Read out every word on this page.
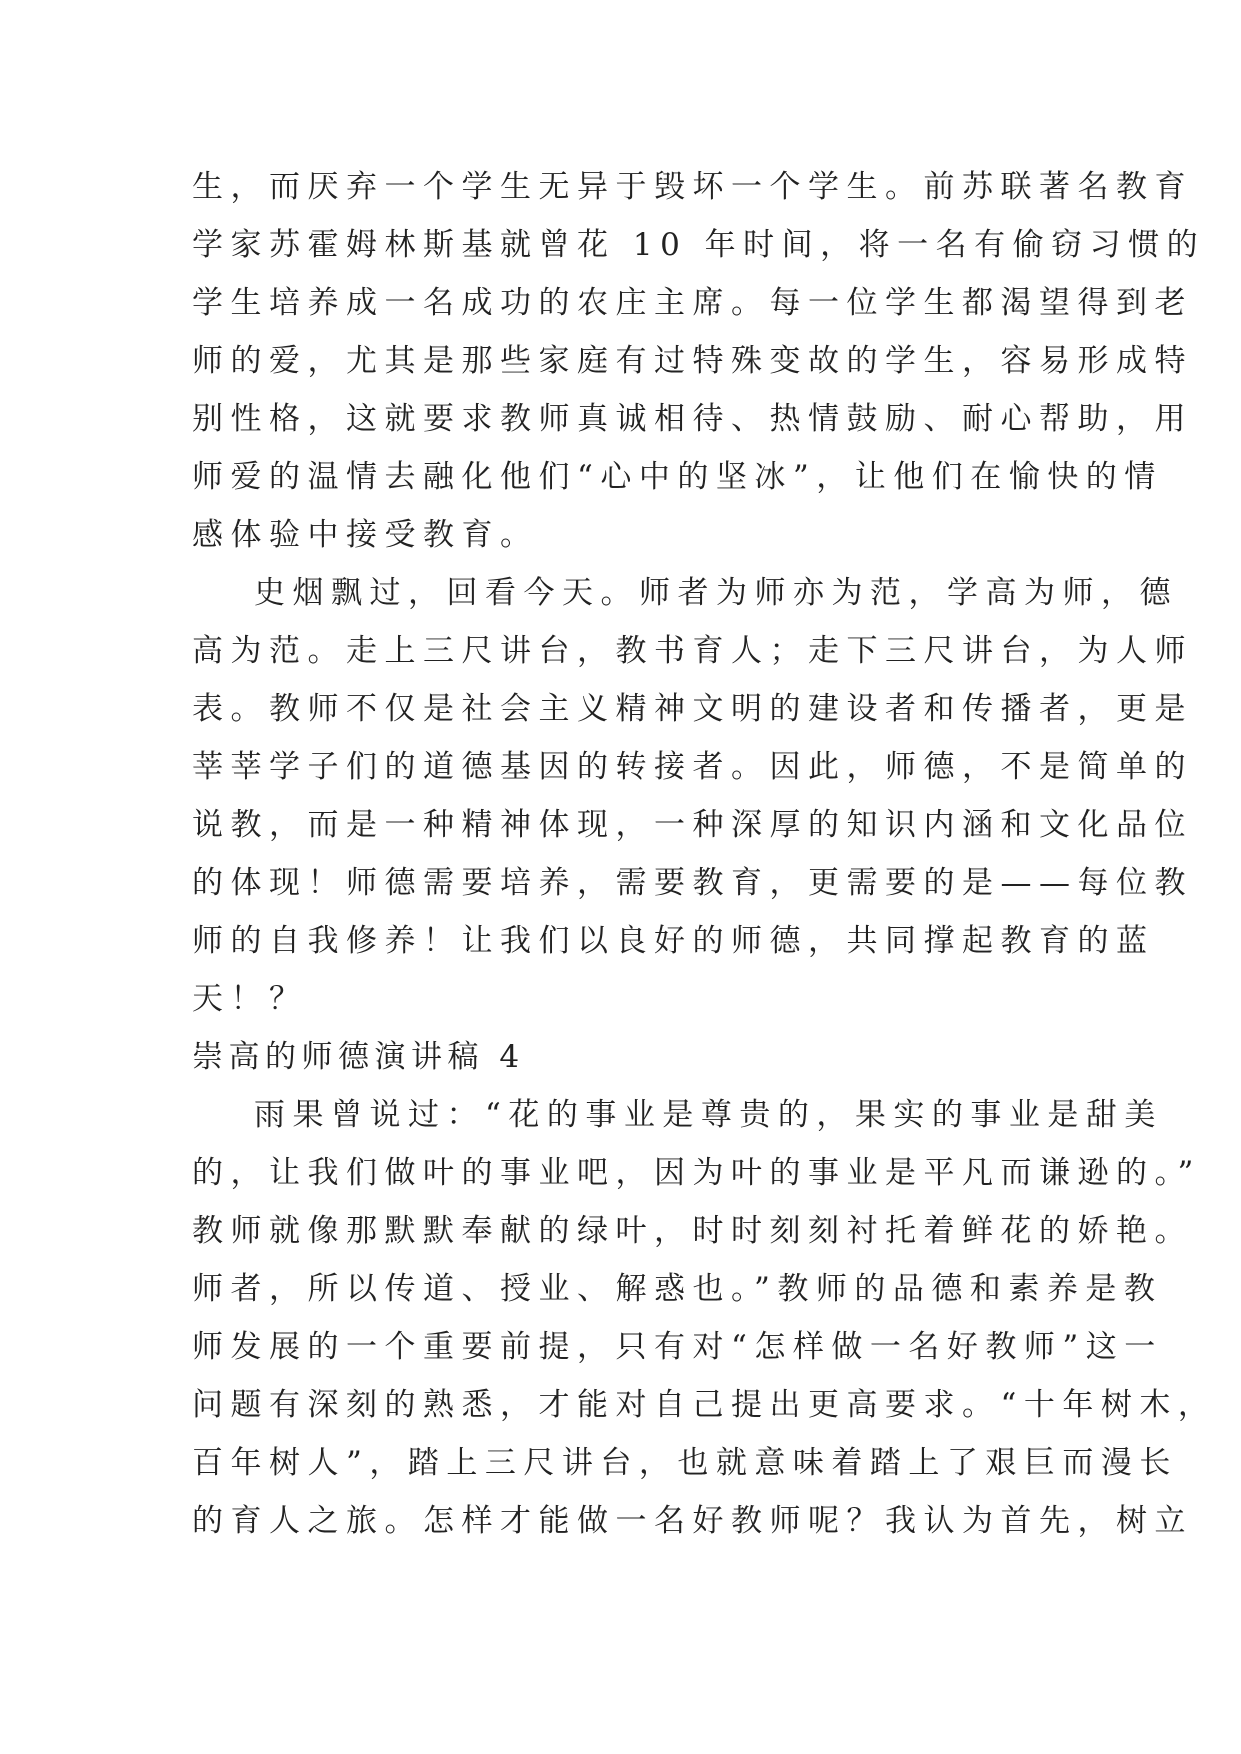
生，而厌弃一个学生无异于毁坏一个学生。前苏联著名教育
学家苏霍姆林斯基就曾花 10 年时间，将一名有偷窃习惯的
学生培养成一名成功的农庄主席。每一位学生都渴望得到老
师的爱，尤其是那些家庭有过特殊变故的学生，容易形成特
别性格，这就要求教师真诚相待、热情鼓励、耐心帮助，用
师爱的温情去融化他们“心中的坚冰”，让他们在愉快的情
感体验中接受教育。
史烟飘过，回看今天。师者为师亦为范，学高为师，德
高为范。走上三尺讲台，教书育人；走下三尺讲台，为人师
表。教师不仅是社会主义精神文明的建设者和传播者，更是
莘莘学子们的道德基因的转接者。因此，师德，不是简单的
说教，而是一种精神体现，一种深厚的知识内涵和文化品位
的体现！师德需要培养，需要教育，更需要的是——每位教
师的自我修养！让我们以良好的师德，共同撑起教育的蓝
天！？
崇高的师德演讲稿 4
雨果曾说过：“花的事业是尊贵的，果实的事业是甜美
的，让我们做叶的事业吧，因为叶的事业是平凡而谦逊的。”
教师就像那默默奉献的绿叶，时时刻刻衬托着鲜花的娇艳。
师者，所以传道、授业、解惑也。”教师的品德和素养是教
师发展的一个重要前提，只有对“怎样做一名好教师”这一
问题有深刻的熟悉，才能对自己提出更高要求。“十年树木，
百年树人”，踏上三尺讲台，也就意味着踏上了艰巨而漫长
的育人之旅。怎样才能做一名好教师呢？我认为首先，树立
